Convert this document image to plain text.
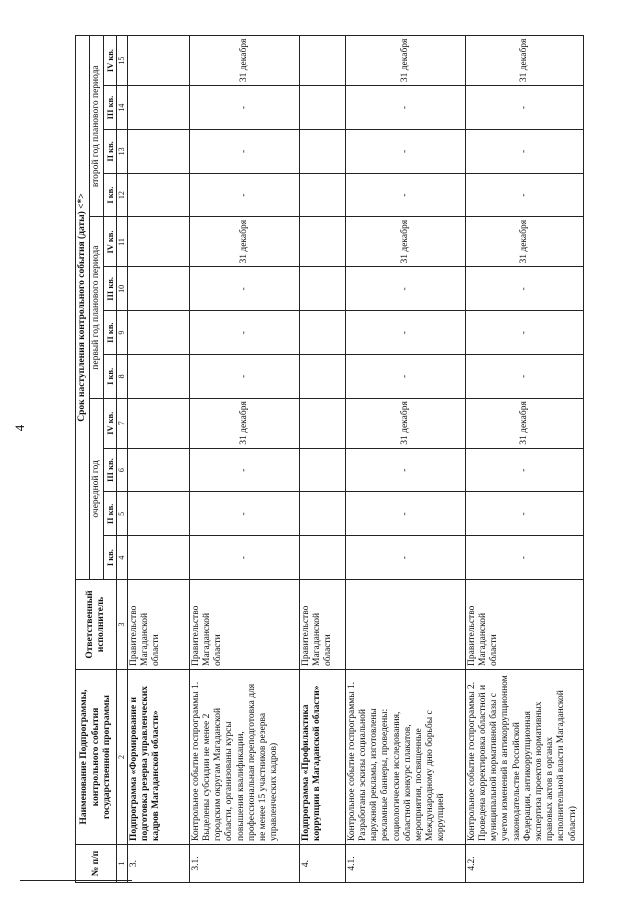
4
№ п/п	Наименование Подпрограммы, контрольного события государственной программы	Ответственный исполнитель	Срок наступления контрольного события (даты) <*>											
			очередной год				первый год планового периода				второй год планового периода			
			I кв.	II кв.	III кв.	IV кв.	I кв.	II кв.	III кв.	IV кв.	I кв.	II кв.	III кв.	IV кв.
1	2	3	4	5	6	7	8	9	10	11	12	13	14	15
3.	Подпрограмма «Формирование и подготовка резерва управленческих кадров Магаданской области»	Правительство Магаданской области												
3.1.	Контрольное событие госпрограммы 1. Выделены субсидии не менее 2 городским округам Магаданской области, организованы курсы повышения квалификации, профессиональная переподготовка для не менее 15 участников резерва управленческих кадров)	Правительство Магаданской области	-	-	-	31 декабря	-	-	-	31 декабря	-	-	-	31 декабря
4.	Подпрограмма «Профилактика коррупции в Магаданской области»	Правительство Магаданской области												
4.1.	Контрольное событие госпрограммы 1. Разработаны эскизы социальной наружной рекламы, изготовлены рекламные баннеры, проведены: социологические исследования, областной конкурс плакатов, мероприятия, посвященные Международному дню борьбы с коррупцией		-	-	-	31 декабря	-	-	-	31 декабря	-	-	-	31 декабря
4.2.	Контрольное событие госпрограммы 2. Проведена корректировка областной и муниципальной нормативной базы с учетом изменений в антикоррупционном законодательстве Российской Федерации, антикоррупционная экспертиза проектов нормативных правовых актов в органах исполнительной власти Магаданской области)	Правительство Магаданской области	-	-	-	31 декабря	-	-	-	31 декабря	-	-	-	31 декабря
